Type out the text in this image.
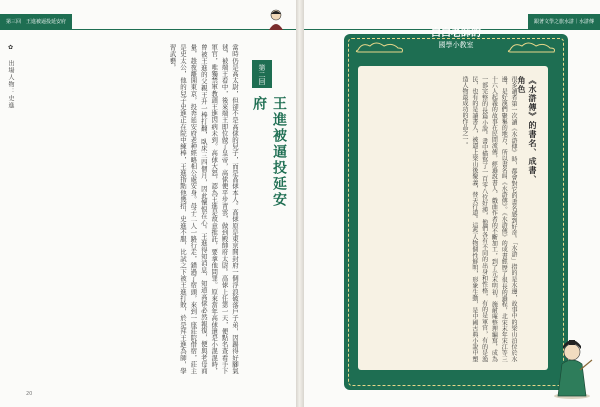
第三回　王進被逼投延安府
✿ 出場人物：史進	第二回
王進被逼投延安府
當時仍是高太尉，但卻不是高俅的兒子，而是高俅本人。高俅原是東京開封府一個浮浪破落戶子弟，因踢得好腳氣毬，被端王看中，後來端王即位做了皇帝，高俅便平步青雲，做到殿帥府太尉。高俅上任第一天，便點名查看手下軍官，唯獨禁軍教頭王進因病未到。高俅大怒，認為王進是故意推託，要拿他問罪。原來當年高俅還是小混混時，曾被王進的父親王升一棒打翻，臥床三四個月，因此懷恨在心。王進得知消息，知道高俅必然報復，便與老母商量，趁夜離開東京，投奔延安府老种經略相公處安身。母子二人一路行走，錯過了宿頭，來到一座莊院借宿，莊主是史太公，他的兒子史進正在院中練棒，王進指點他幾招，史進不服，比試之下被王進打敗，於是拜王進為師，學習武藝。
20
跟著文學之旅水滸｜水滸傳
白白老師的
國學小教室
《水滸傳》的書名、成書、角色
很多讀者第一次讀《水滸傳》時，都會對它的書名感到好奇。「水滸」指的是水邊，故事中的梁山泊位於水邊，是好漢們聚集的地方，所以書名叫《水滸傳》。《水滸傳》的成書經歷了很長的過程，北宋末年宋江等三十六人起義的故事在民間流傳，經過說書人、戲曲作者的不斷加工，到了元末明初，施耐庵整理編寫，成為一部完整的長篇小說。書中描寫了一百零八位好漢，他們各有不同的出身和性格，有的是軍官，有的是漁民，也有的是讀書人，被逼上梁山後聚義，替天行道。這些人物個性鮮明，形象生動，是中國古典小說中塑造人物最成功的作品之一。
